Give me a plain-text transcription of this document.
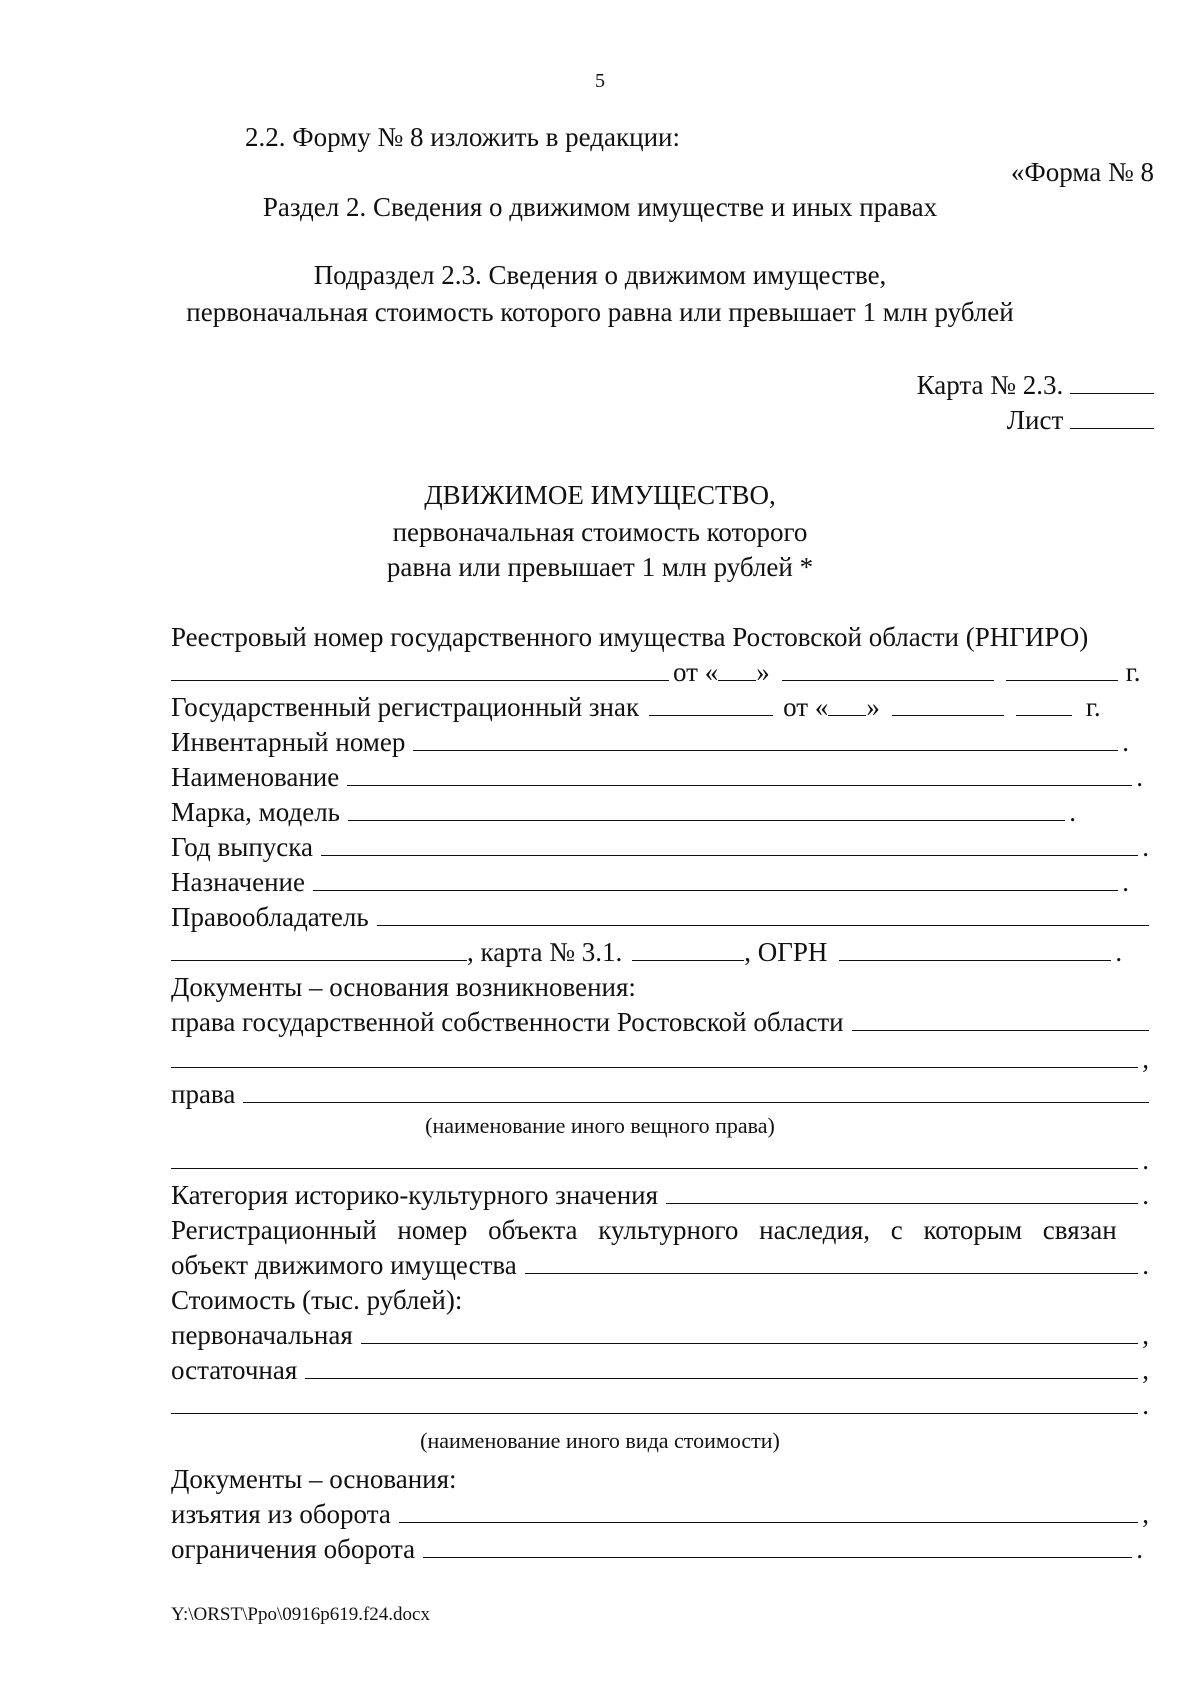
5
2.2. Форму № 8 изложить в редакции:
«Форма № 8
Раздел 2. Сведения о движимом имуществе и иных правах
Подраздел 2.3. Сведения о движимом имуществе,
первоначальная стоимость которого равна или превышает 1 млн рублей
Карта № 2.3.
Лист
ДВИЖИМОЕ ИМУЩЕСТВО,
первоначальная стоимость которого
равна или превышает 1 млн рублей *
Реестровый номер государственного имущества Ростовской области (РНГИРО)
от « »	г.
Государственный регистрационный знак	от « »	г.
Инвентарный номер	.
Наименование	.
Марка, модель	.
Год выпуска	.
Назначение	.
Правообладатель
, карта № 3.1.	, ОГРН	.
Документы – основания возникновения:
права государственной собственности Ростовской области
,
права
(наименование иного вещного права)
.
Категория историко-культурного значения	.
Регистрационный номер объекта культурного наследия, с которым связан
объект движимого имущества	.
Стоимость (тыс. рублей):
первоначальная	,
остаточная	,
.
(наименование иного вида стоимости)
Документы – основания:
изъятия из оборота	,
ограничения оборота	.
Y:\ORST\Ppo\0916p619.f24.docx
